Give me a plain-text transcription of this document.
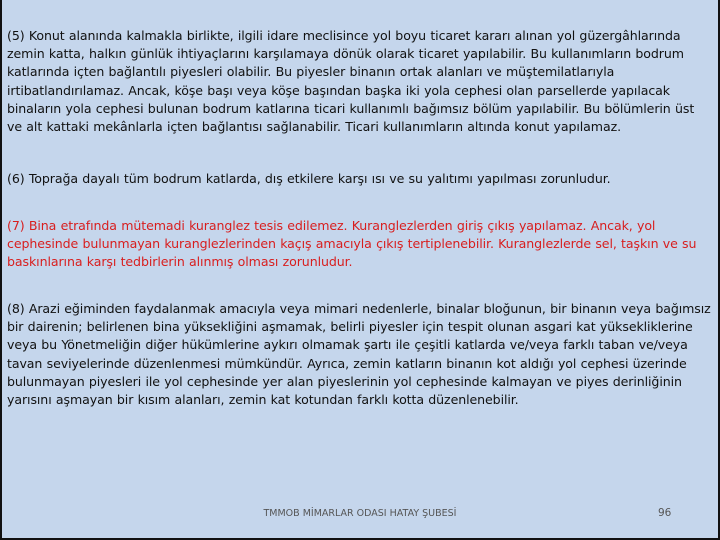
(5) Konut alanında kalmakla birlikte, ilgili idare meclisince yol boyu ticaret kararı alınan yol güzergâhlarında zemin katta, halkın günlük ihtiyaçlarını karşılamaya dönük olarak ticaret yapılabilir. Bu kullanımların bodrum katlarında içten bağlantılı piyesleri olabilir. Bu piyesler binanın ortak alanları ve müştemilatlarıyla irtibatlandırılamaz. Ancak, köşe başı veya köşe başından başka iki yola cephesi olan parsellerde yapılacak binaların yola cephesi bulunan bodrum katlarına ticari kullanımlı bağımsız bölüm yapılabilir. Bu bölümlerin üst ve alt kattaki mekânlarla içten bağlantısı sağlanabilir. Ticari kullanımların altında konut yapılamaz.

(6) Toprağa dayalı tüm bodrum katlarda, dış etkilere karşı ısı ve su yalıtımı yapılması zorunludur.

(7) Bina etrafında mütemadi kuranglez tesis edilemez. Kuranglezlerden giriş çıkış yapılamaz. Ancak, yol cephesinde bulunmayan kuranglezlerinden kaçış amacıyla çıkış tertiplenebilir. Kuranglezlerde sel, taşkın ve su baskınlarına karşı tedbirlerin alınmış olması zorunludur.

(8) Arazi eğiminden faydalanmak amacıyla veya mimari nedenlerle, binalar bloğunun, bir binanın veya bağımsız bir dairenin; belirlenen bina yüksekliğini aşmamak, belirli piyesler için tespit olunan asgari kat yüksekliklerine veya bu Yönetmeliğin diğer hükümlerine aykırı olmamak şartı ile çeşitli katlarda ve/veya farklı taban ve/veya tavan seviyelerinde düzenlenmesi mümkündür. Ayrıca, zemin katların binanın kot aldığı yol cephesi üzerinde bulunmayan piyesleri ile yol cephesinde yer alan piyeslerinin yol cephesinde kalmayan ve piyes derinliğinin yarısını aşmayan bir kısım alanları, zemin kat kotundan farklı kotta düzenlenebilir.

TMMOB MİMARLAR ODASI HATAY ŞUBESİ	96
